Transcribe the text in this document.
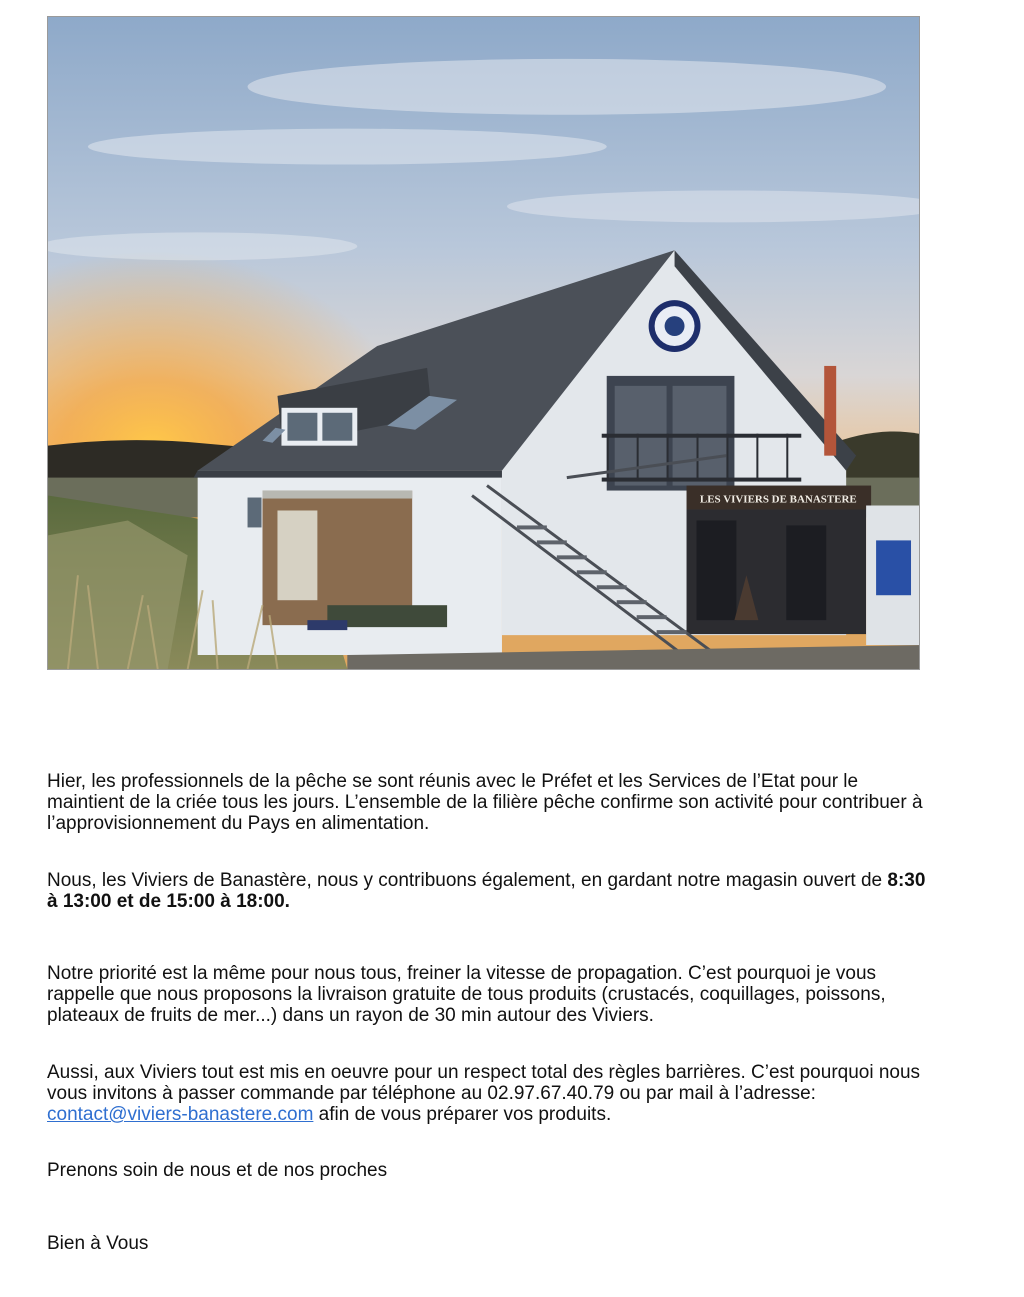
LES VIVIERS DE BANASTERE

Hier, les professionnels de la pêche se sont réunis avec le Préfet et les Services de l’Etat pour le maintient de la criée tous les jours. L’ensemble de la filière pêche confirme son activité pour contribuer à l’approvisionnement du Pays en alimentation.

Nous, les Viviers de Banastère, nous y contribuons également, en gardant notre magasin ouvert de 8:30 à 13:00 et de 15:00 à 18:00.

Notre priorité est la même pour nous tous, freiner la vitesse de propagation. C’est pourquoi je vous rappelle que nous proposons la livraison gratuite de tous produits (crustacés, coquillages, poissons, plateaux de fruits de mer...) dans un rayon de 30 min autour des Viviers.

Aussi, aux Viviers tout est mis en oeuvre pour un respect total des règles barrières. C’est pourquoi nous vous invitons à passer commande par téléphone au 02.97.67.40.79 ou par mail à l’adresse: contact@viviers-banastere.com afin de vous préparer vos produits.

Prenons soin de nous et de nos proches

Bien à Vous
